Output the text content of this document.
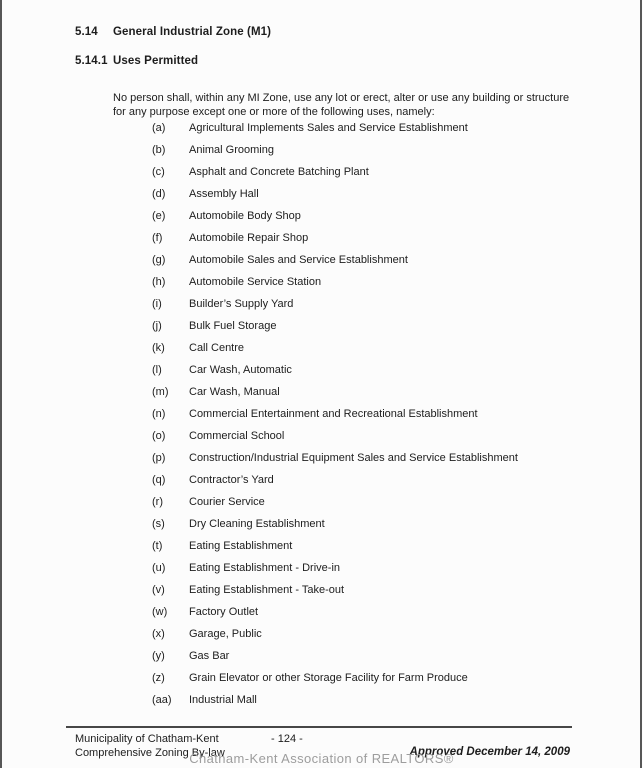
5.14	General Industrial Zone (M1)
5.14.1 Uses Permitted

No person shall, within any MI Zone, use any lot or erect, alter or use any building or structure for any purpose except one or more of the following uses, namely:

(a) Agricultural Implements Sales and Service Establishment
(b) Animal Grooming
(c) Asphalt and Concrete Batching Plant
(d) Assembly Hall
(e) Automobile Body Shop
(f) Automobile Repair Shop
(g) Automobile Sales and Service Establishment
(h) Automobile Service Station
(i) Builder’s Supply Yard
(j) Bulk Fuel Storage
(k) Call Centre
(l) Car Wash, Automatic
(m) Car Wash, Manual
(n) Commercial Entertainment and Recreational Establishment
(o) Commercial School
(p) Construction/Industrial Equipment Sales and Service Establishment
(q) Contractor’s Yard
(r) Courier Service
(s) Dry Cleaning Establishment
(t) Eating Establishment
(u) Eating Establishment - Drive-in
(v) Eating Establishment - Take-out
(w) Factory Outlet
(x) Garage, Public
(y) Gas Bar
(z) Grain Elevator or other Storage Facility for Farm Produce
(aa) Industrial Mall
Municipality of Chatham-Kent	- 124 -
Comprehensive Zoning By-law	Approved December 14, 2009
Chatham-Kent Association of REALTORS®
